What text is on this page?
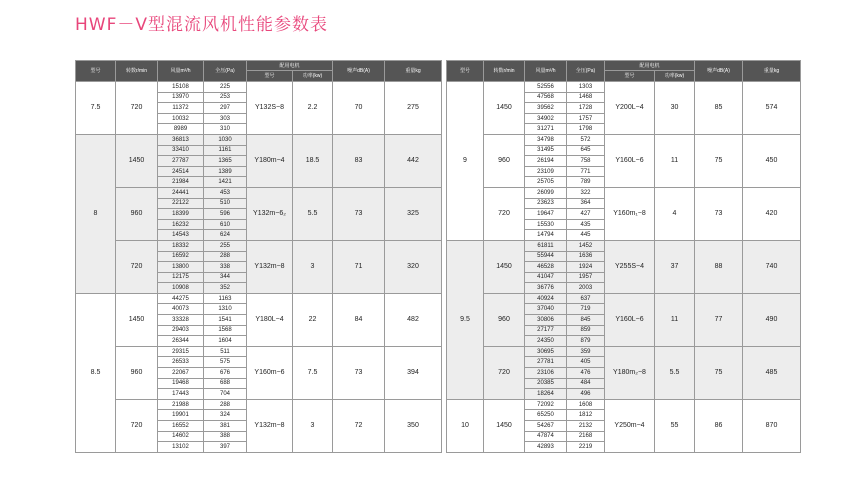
HWF－V型混流风机性能参数表
型号	转数r/min	风量m³/h	全压(Pa)	配用电机		噪声dB(A)	重量kg
				型号	功率(kw)		
7.5	720	15108	225	Y132S−8	2.2	70	275
		13970	253				
		11372	297				
		10032	303				
		8989	310				
8	1450	36813	1030	Y180m−4	18.5	83	442
		33410	1161				
		27787	1365				
		24514	1389				
		21984	1421				
	960	24441	453	Y132m−6₂	5.5	73	325
		22122	510				
		18399	596				
		16232	610				
		14543	624				
	720	18332	255	Y132m−8	3	71	320
		16592	288				
		13800	338				
		12175	344				
		10908	352				
8.5	1450	44275	1163	Y180L−4	22	84	482
		40073	1310				
		33328	1541				
		29403	1568				
		26344	1604				
	960	29315	511	Y160m−6	7.5	73	394
		26533	575				
		22067	676				
		19468	688				
		17443	704				
	720	21988	288	Y132m−8	3	72	350
		19901	324				
		16552	381				
		14602	388				
		13102	397				
型号	转数r/min	风量m³/h	全压(Pa)	配用电机		噪声dB(A)	重量kg
				型号	功率(kw)		
9	1450	52556	1303	Y200L−4	30	85	574
		47568	1468				
		39562	1728				
		34902	1757				
		31271	1798				
	960	34798	572	Y160L−6	11	75	450
		31495	645				
		26194	758				
		23109	771				
		25705	789				
	720	26099	322	Y160m₁−8	4	73	420
		23623	364				
		19647	427				
		15530	435				
		14794	445				
9.5	1450	61811	1452	Y255S−4	37	88	740
		55944	1636				
		46528	1924				
		41047	1957				
		36776	2003				
	960	40924	637	Y160L−6	11	77	490
		37040	719				
		30806	845				
		27177	859				
		24350	879				
	720	30695	359	Y180m₂−8	5.5	75	485
		27781	405				
		23106	476				
		20385	484				
		18264	496				
10	1450	72092	1608	Y250m−4	55	86	870
		65250	1812				
		54267	2132				
		47874	2168				
		42893	2219				
